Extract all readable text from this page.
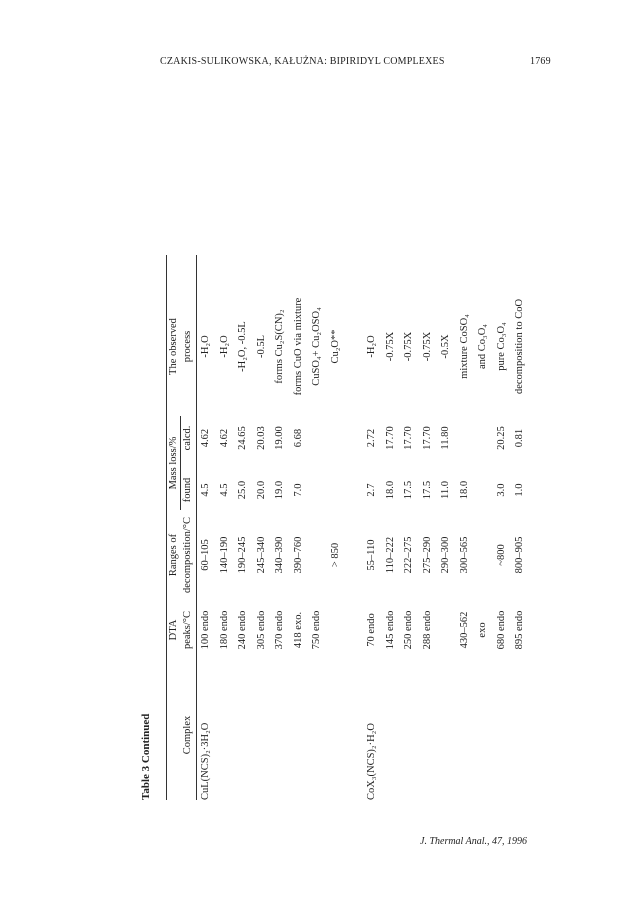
CZAKIS-SULIKOWSKA, KAŁUŻNA: BIPIRIDYL COMPLEXES	1769
Table 3 Continued	Complex
DTA peaks/°C
Ranges of decomposition/°C
Mass loss/%
found
calcd.
The observed process
CuL(NCS)₂·3H₂O
100 endo
60–105
4.5
4.62
-H₂O
180 endo
140–190
4.5
4.62
-H₂O
240 endo
190–245
25.0
24.65
-H₂O, -0.5L
305 endo
245–340
20.0
20.03
-0.5L
370 endo
340–390
19.0
19.00
forms Cu₂S(CN)₂
418 exo.
390–760
7.0
6.68
forms CuO via mixture
750 endo
CuSO₄+ Cu₂OSO₄
> 850
Cu₂O**
CoX₃(NCS)₂·H₂O
70 endo
55–110
2.7
2.72
-H₂O
145 endo
110–222
18.0
17.70
-0.75X
250 endo
222–275
17.5
17.70
-0.75X
288 endo
275–290
17.5
17.70
-0.75X
290–300
11.0
11.80
-0.5X
430–562
300–565
18.0
mixture CoSO₄
exo
and Co₃O₄
680 endo
~800
3.0
20.25
pure Co₃O₄
895 endo
800–905
1.0
0.81
decomposition to CoO
J. Thermal Anal., 47, 1996
